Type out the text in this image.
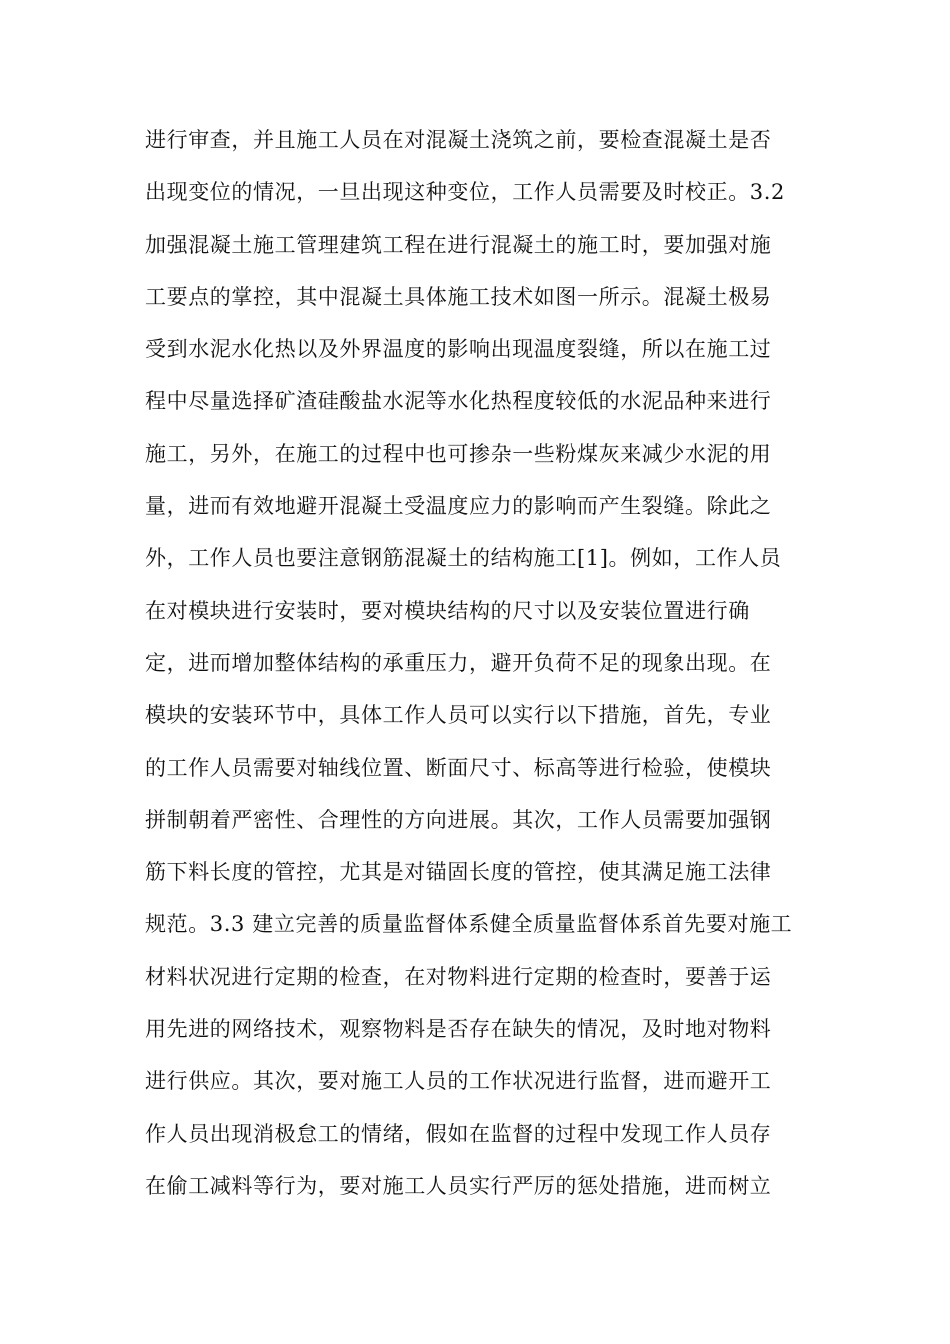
进行审查，并且施工人员在对混凝土浇筑之前，要检查混凝土是否
出现变位的情况，一旦出现这种变位，工作人员需要及时校正。3.2
加强混凝土施工管理建筑工程在进行混凝土的施工时，要加强对施
工要点的掌控，其中混凝土具体施工技术如图一所示。混凝土极易
受到水泥水化热以及外界温度的影响出现温度裂缝，所以在施工过
程中尽量选择矿渣硅酸盐水泥等水化热程度较低的水泥品种来进行
施工，另外，在施工的过程中也可掺杂一些粉煤灰来减少水泥的用
量，进而有效地避开混凝土受温度应力的影响而产生裂缝。除此之
外，工作人员也要注意钢筋混凝土的结构施工[1]。例如，工作人员
在对模块进行安装时，要对模块结构的尺寸以及安装位置进行确
定，进而增加整体结构的承重压力，避开负荷不足的现象出现。在
模块的安装环节中，具体工作人员可以实行以下措施，首先，专业
的工作人员需要对轴线位置、断面尺寸、标高等进行检验，使模块
拼制朝着严密性、合理性的方向进展。其次，工作人员需要加强钢
筋下料长度的管控，尤其是对锚固长度的管控，使其满足施工法律
规范。3.3 建立完善的质量监督体系健全质量监督体系首先要对施工
材料状况进行定期的检查，在对物料进行定期的检查时，要善于运
用先进的网络技术，观察物料是否存在缺失的情况，及时地对物料
进行供应。其次，要对施工人员的工作状况进行监督，进而避开工
作人员出现消极怠工的情绪，假如在监督的过程中发现工作人员存
在偷工减料等行为，要对施工人员实行严厉的惩处措施，进而树立
